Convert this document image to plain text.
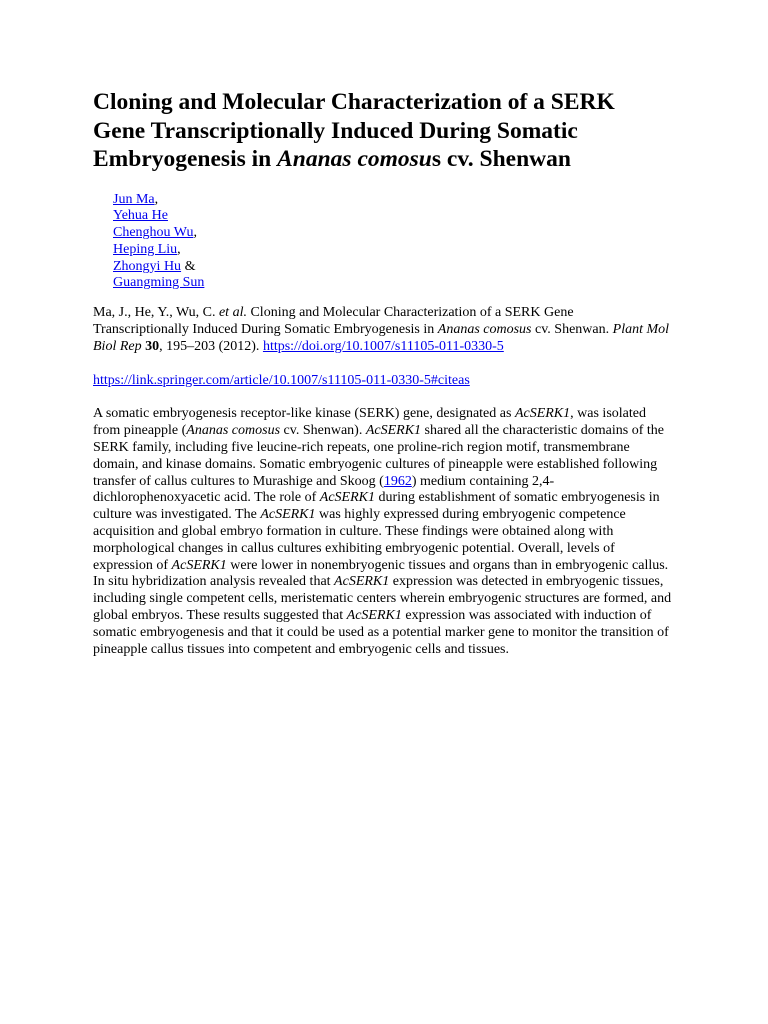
Cloning and Molecular Characterization of a SERK Gene Transcriptionally Induced During Somatic Embryogenesis in Ananas comosus cv. Shenwan
Jun Ma,
Yehua He
Chenghou Wu,
Heping Liu,
Zhongyi Hu &
Guangming Sun

Ma, J., He, Y., Wu, C. et al. Cloning and Molecular Characterization of a SERK Gene Transcriptionally Induced During Somatic Embryogenesis in Ananas comosus cv. Shenwan. Plant Mol Biol Rep 30, 195–203 (2012). https://doi.org/10.1007/s11105-011-0330-5

https://link.springer.com/article/10.1007/s11105-011-0330-5#citeas

A somatic embryogenesis receptor-like kinase (SERK) gene, designated as AcSERK1, was isolated from pineapple (Ananas comosus cv. Shenwan). AcSERK1 shared all the characteristic domains of the SERK family, including five leucine-rich repeats, one proline-rich region motif, transmembrane domain, and kinase domains. Somatic embryogenic cultures of pineapple were established following transfer of callus cultures to Murashige and Skoog (1962) medium containing 2,4-dichlorophenoxyacetic acid. The role of AcSERK1 during establishment of somatic embryogenesis in culture was investigated. The AcSERK1 was highly expressed during embryogenic competence acquisition and global embryo formation in culture. These findings were obtained along with morphological changes in callus cultures exhibiting embryogenic potential. Overall, levels of expression of AcSERK1 were lower in nonembryogenic tissues and organs than in embryogenic callus. In situ hybridization analysis revealed that AcSERK1 expression was detected in embryogenic tissues, including single competent cells, meristematic centers wherein embryogenic structures are formed, and global embryos. These results suggested that AcSERK1 expression was associated with induction of somatic embryogenesis and that it could be used as a potential marker gene to monitor the transition of pineapple callus tissues into competent and embryogenic cells and tissues.
